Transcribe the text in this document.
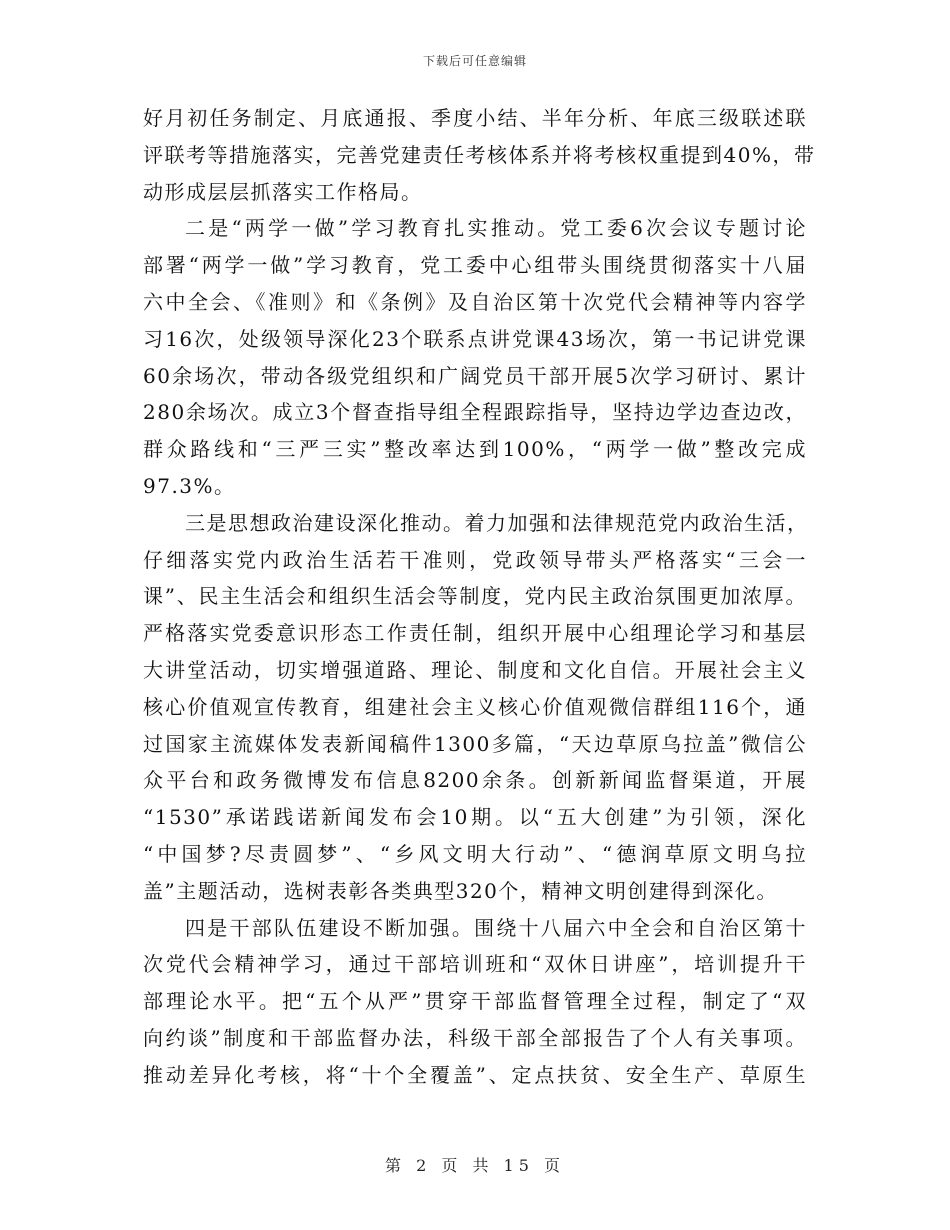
下载后可任意编辑
好月初任务制定、月底通报、季度小结、半年分析、年底三级联述联
评联考等措施落实，完善党建责任考核体系并将考核权重提到40%，带
动形成层层抓落实工作格局。
二是“两学一做”学习教育扎实推动。党工委6次会议专题讨论
部署“两学一做”学习教育，党工委中心组带头围绕贯彻落实十八届
六中全会、《准则》和《条例》及自治区第十次党代会精神等内容学
习16次，处级领导深化23个联系点讲党课43场次，第一书记讲党课
60余场次，带动各级党组织和广阔党员干部开展5次学习研讨、累计
280余场次。成立3个督查指导组全程跟踪指导，坚持边学边查边改，
群众路线和“三严三实”整改率达到100%，“两学一做”整改完成
97.3%。
三是思想政治建设深化推动。着力加强和法律规范党内政治生活，
仔细落实党内政治生活若干准则，党政领导带头严格落实“三会一
课”、民主生活会和组织生活会等制度，党内民主政治氛围更加浓厚。
严格落实党委意识形态工作责任制，组织开展中心组理论学习和基层
大讲堂活动，切实增强道路、理论、制度和文化自信。开展社会主义
核心价值观宣传教育，组建社会主义核心价值观微信群组116个，通
过国家主流媒体发表新闻稿件1300多篇，“天边草原乌拉盖”微信公
众平台和政务微博发布信息8200余条。创新新闻监督渠道，开展
“1530”承诺践诺新闻发布会10期。以“五大创建”为引领，深化
“中国梦?尽责圆梦”、“乡风文明大行动”、“德润草原文明乌拉
盖”主题活动，选树表彰各类典型320个，精神文明创建得到深化。
四是干部队伍建设不断加强。围绕十八届六中全会和自治区第十
次党代会精神学习，通过干部培训班和“双休日讲座”，培训提升干
部理论水平。把“五个从严”贯穿干部监督管理全过程，制定了“双
向约谈”制度和干部监督办法，科级干部全部报告了个人有关事项。
推动差异化考核，将“十个全覆盖”、定点扶贫、安全生产、草原生
第 2 页 共 15 页
